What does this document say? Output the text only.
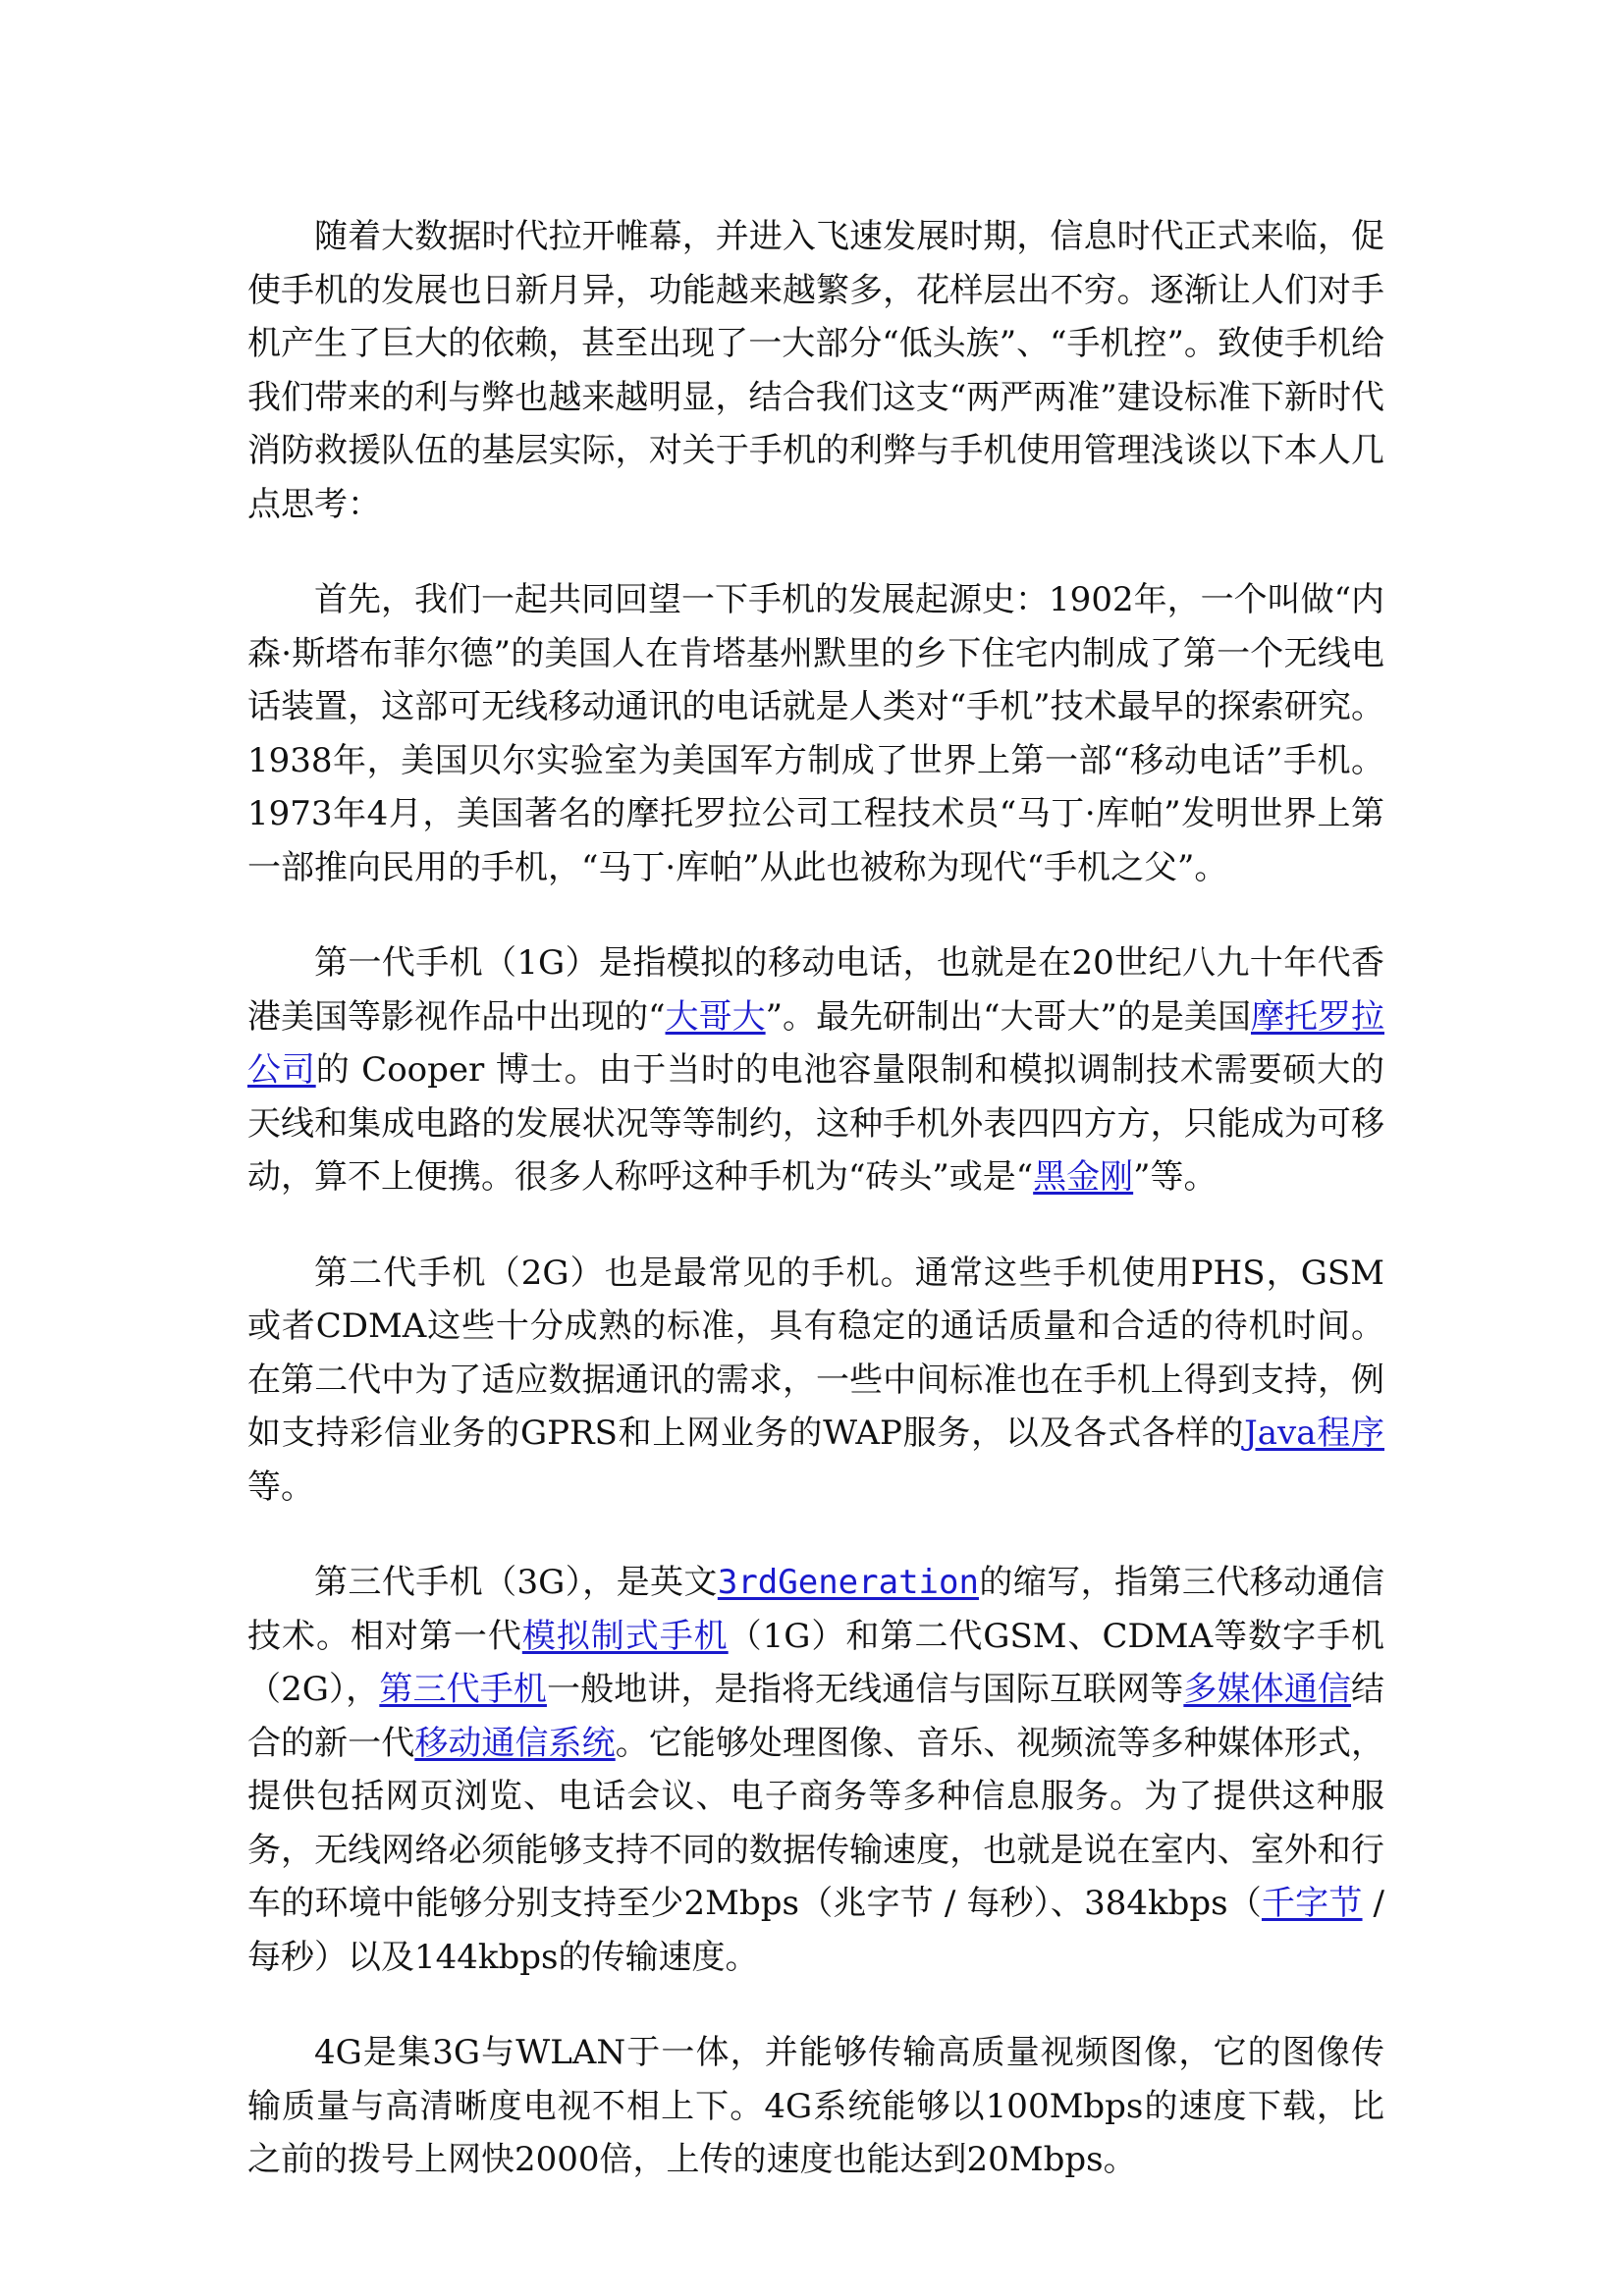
随着大数据时代拉开帷幕，并进入飞速发展时期，信息时代正式来临，促使手机的发展也日新月异，功能越来越繁多，花样层出不穷。逐渐让人们对手机产生了巨大的依赖，甚至出现了一大部分“低头族”、“手机控”。致使手机给我们带来的利与弊也越来越明显，结合我们这支“两严两准”建设标准下新时代消防救援队伍的基层实际，对关于手机的利弊与手机使用管理浅谈以下本人几点思考：

首先，我们一起共同回望一下手机的发展起源史：1902年，一个叫做“内森·斯塔布菲尔德”的美国人在肯塔基州默里的乡下住宅内制成了第一个无线电话装置，这部可无线移动通讯的电话就是人类对“手机”技术最早的探索研究。1938年，美国贝尔实验室为美国军方制成了世界上第一部“移动电话”手机。1973年4月，美国著名的摩托罗拉公司工程技术员“马丁·库帕”发明世界上第一部推向民用的手机，“马丁·库帕”从此也被称为现代“手机之父”。

第一代手机（1G）是指模拟的移动电话，也就是在20世纪八九十年代香港美国等影视作品中出现的“大哥大”。最先研制出“大哥大”的是美国摩托罗拉公司的 Cooper 博士。由于当时的电池容量限制和模拟调制技术需要硕大的天线和集成电路的发展状况等等制约，这种手机外表四四方方，只能成为可移动，算不上便携。很多人称呼这种手机为“砖头”或是“黑金刚”等。

第二代手机（2G）也是最常见的手机。通常这些手机使用PHS，GSM或者CDMA这些十分成熟的标准，具有稳定的通话质量和合适的待机时间。在第二代中为了适应数据通讯的需求，一些中间标准也在手机上得到支持，例如支持彩信业务的GPRS和上网业务的WAP服务，以及各式各样的Java程序等。

第三代手机（3G），是英文3rdGeneration的缩写，指第三代移动通信技术。相对第一代模拟制式手机（1G）和第二代GSM、CDMA等数字手机（2G），第三代手机一般地讲，是指将无线通信与国际互联网等多媒体通信结合的新一代移动通信系统。它能够处理图像、音乐、视频流等多种媒体形式，提供包括网页浏览、电话会议、电子商务等多种信息服务。为了提供这种服务，无线网络必须能够支持不同的数据传输速度，也就是说在室内、室外和行车的环境中能够分别支持至少2Mbps（兆字节 / 每秒）、384kbps（千字节 / 每秒）以及144kbps的传输速度。

4G是集3G与WLAN于一体，并能够传输高质量视频图像，它的图像传输质量与高清晰度电视不相上下。4G系统能够以100Mbps的速度下载，比之前的拨号上网快2000倍，上传的速度也能达到20Mbps。
